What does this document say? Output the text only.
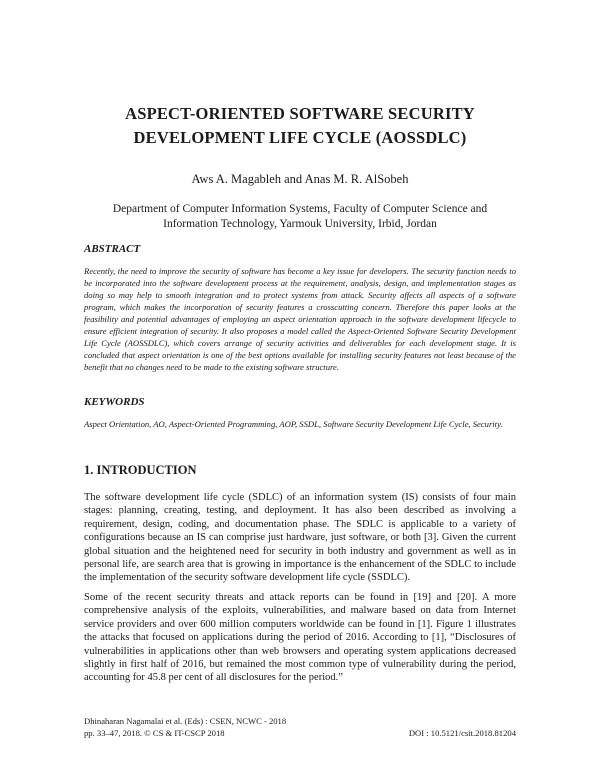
ASPECT-ORIENTED SOFTWARE SECURITY
DEVELOPMENT LIFE CYCLE (AOSSDLC)
Aws A. Magableh and Anas M. R. AlSobeh
Department of Computer Information Systems, Faculty of Computer Science and
Information Technology, Yarmouk University, Irbid, Jordan
ABSTRACT
Recently, the need to improve the security of software has become a key issue for developers. The security function needs to be incorporated into the software development process at the requirement, analysis, design, and implementation stages as doing so may help to smooth integration and to protect systems from attack. Security affects all aspects of a software program, which makes the incorporation of security features a crosscutting concern. Therefore this paper looks at the feasibility and potential advantages of employing an aspect orientation approach in the software development lifecycle to ensure efficient integration of security. It also proposes a model called the Aspect-Oriented Software Security Development Life Cycle (AOSSDLC), which covers arrange of security activities and deliverables for each development stage. It is concluded that aspect orientation is one of the best options available for installing security features not least because of the benefit that no changes need to be made to the existing software structure.
KEYWORDS
Aspect Orientation, AO, Aspect-Oriented Programming, AOP, SSDL, Software Security Development Life Cycle, Security.
1. INTRODUCTION
The software development life cycle (SDLC) of an information system (IS) consists of four main stages: planning, creating, testing, and deployment. It has also been described as involving a requirement, design, coding, and documentation phase. The SDLC is applicable to a variety of configurations because an IS can comprise just hardware, just software, or both [3]. Given the current global situation and the heightened need for security in both industry and government as well as in personal life, are search area that is growing in importance is the enhancement of the SDLC to include the implementation of the security software development life cycle (SSDLC).
Some of the recent security threats and attack reports can be found in [19] and [20]. A more comprehensive analysis of the exploits, vulnerabilities, and malware based on data from Internet service providers and over 600 million computers worldwide can be found in [1]. Figure 1 illustrates the attacks that focused on applications during the period of 2016. According to [1], “Disclosures of vulnerabilities in applications other than web browsers and operating system applications decreased slightly in first half of 2016, but remained the most common type of vulnerability during the period, accounting for 45.8 per cent of all disclosures for the period.”
Dhinaharan Nagamalai et al. (Eds) : CSEN, NCWC - 2018
pp. 33–47, 2018. © CS & IT-CSCP 2018	DOI : 10.5121/csit.2018.81204
